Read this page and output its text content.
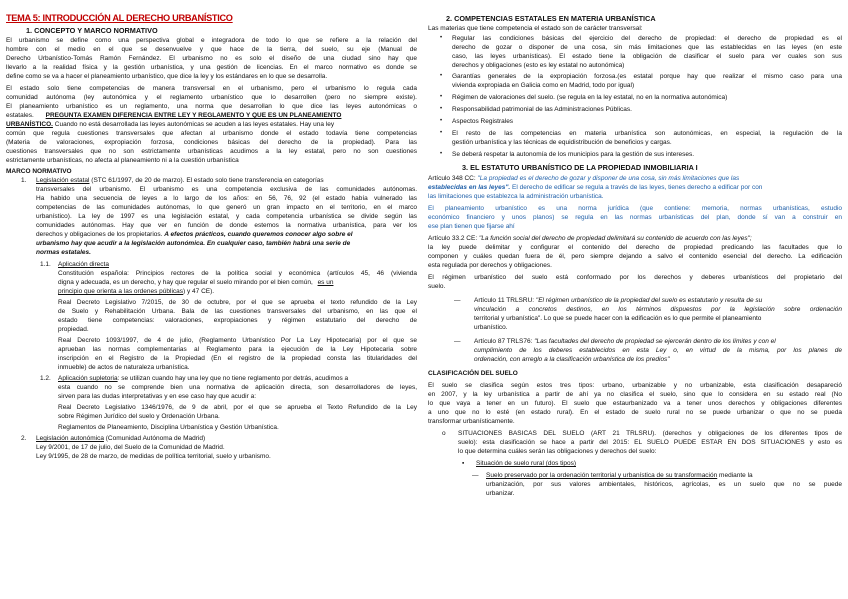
TEMA 5: INTRODUCCIÓN AL DERECHO URBANÍSTICO
1. CONCEPTO Y MARCO NORMATIVO
El urbanismo se define como una perspectiva global e integradora de todo lo que se refiere a la relación del
hombre con el medio en el que se desenvuelve y que hace de la tierra, del suelo, su eje (Manual de
Derecho Urbanístico-Tomás Ramón Fernández. El urbanismo no es solo el diseño de una ciudad sino hay que
llevarlo a la realidad física y la gestión urbanística, y una gestión de licencias. En el marco normativo es donde se
define como se va a hacer el planeamiento urbanístico, que dice la ley y los estándares en lo que se desarrolla.
El estado solo tiene competencias de manera transversal en el urbanismo, pero el urbanismo lo regula cada
comunidad autónoma (ley autonómica y el reglamento urbanístico que lo desarrollen (pero no siempre existe).
El planeamiento urbanístico es un reglamento, una norma que desarrollan lo que dice las leyes autonómicas o
estatales. PREGUNTA EXAMEN DIFERENCIA ENTRE LEY Y REGLAMENTO Y QUE ES UN PLANEAMIENTO
URBANÍSTICO. Cuando no está desarrollada las leyes autonómicas se acuden a las leyes estatales. Hay una ley
común que regula cuestiones transversales que afectan al urbanismo donde el estado todavía tiene competencias
(Materia de valoraciones, expropiación forzosa, condiciones básicas del derecho de la propiedad). Para las
cuestiones transversales que no son estrictamente urbanísticas acudimos a la ley estatal, pero no son cuestiones
estrictamente urbanísticas, no afecta al planeamiento ni a la cuestión urbanística
MARCO NORMATIVO
1. Legislación estatal (STC 61/1997, de 20 de marzo). El estado solo tiene transferencia en categorías
transversales del urbanismo. El urbanismo es una competencia exclusiva de las comunidades autónomas.
Ha habido una secuencia de leyes a lo largo de los años: en 56, 76, 92 (el estado había vulnerado las
competencias de las comunidades autónomas, lo que generó un gran impacto en el territorio, en el marco
urbanístico). La ley de 1997 es una legislación estatal, y cada competencia urbanística se divide según las
comunidades autónomas. Hay que ver en función de donde estemos la normativa urbanística, para ver los
derechos y obligaciones de los propietarios. A efectos prácticos, cuando queremos conocer algo sobre el
urbanismo hay que acudir a la legislación autonómica. En cualquier caso, también habrá una serie de
normas estatales.
1.1. Aplicación directa
Constitución española: Principios rectores de la política social y económica (artículos 45, 46 (vivienda
digna y adecuada, es un derecho, y hay que regular el suelo mirando por el bien común, es un
principio que orienta a las ordenes públicas) y 47 CE).
Real Decreto Legislativo 7/2015, de 30 de octubre, por el que se aprueba el texto refundido de la Ley
de Suelo y Rehabilitación Urbana. Bala de las cuestiones transversales del urbanismo, en las que el
estado tiene competencias: valoraciones, expropiaciones y régimen estatutario del derecho de
propiedad.
Real Decreto 1093/1997, de 4 de julio, (Reglamento Urbanístico Por La Ley Hipotecaria) por el que se
aprueban las normas complementarias al Reglamento para la ejecución de la Ley Hipotecaria sobre
inscripción en el Registro de la Propiedad (En el registro de la propiedad consta las titularidades del
inmueble) de actos de naturaleza urbanística.
1.2. Aplicación supletoria: se utilizan cuando hay una ley que no tiene reglamento por detrás, acudimos a
esta cuando no se comprende bien una normativa de aplicación directa, son desarrolladores de leyes,
sirven para las dudas interpretativas y en ese caso hay que acudir a:
Real Decreto Legislativo 1346/1976, de 9 de abril, por el que se aprueba el Texto Refundido de la Ley
sobre Régimen Jurídico del suelo y Ordenación Urbana.
Reglamentos de Planeamiento, Disciplina Urbanística y Gestión Urbanística.
2. Legislación autonómica (Comunidad Autónoma de Madrid)
Ley 9/2001, de 17 de julio, del Suelo de la Comunidad de Madrid.
Ley 9/1995, de 28 de marzo, de medidas de política territorial, suelo y urbanismo.
2. COMPETENCIAS ESTATALES EN MATERIA URBANÍSTICA
Las materias que tiene competencia el estado son de carácter transversal:
• Regular las condiciones básicas del ejercicio del derecho de propiedad: el derecho de propiedad es el
derecho de gozar o disponer de una cosa, sin más limitaciones que las establecidas en las leyes (en este
caso, las leyes urbanísticas). El estado tiene la obligación de clasificar el suelo para ver cuales son sus
derechos y obligaciones (esto es ley estatal no autonómica)
• Garantías generales de la expropiación forzosa.(es estatal porque hay que realizar el mismo caso para una
vivienda expropiada en Galicia como en Madrid, todo por igual)
• Régimen de valoraciones del suelo. (se regula en la ley estatal, no en la normativa autonómica)
• Responsabilidad patrimonial de las Administraciones Públicas.
• Aspectos Registrales
• El resto de las competencias en materia urbanística son autonómicas, en especial, la regulación de la
gestión urbanística y las técnicas de equidistribución de beneficios y cargas.
• Se deberá respetar la autonomía de los municipios para la gestión de sus intereses.
3. EL ESTATUTO URBANÍSTICO DE LA PROPIEDAD INMOBILIARIA I
Artículo 348 CC: "La propiedad es el derecho de gozar y disponer de una cosa, sin más limitaciones que las
establecidas en las leyes". El derecho de edificar se regula a través de las leyes, tienes derecho a edificar por con
las limitaciones que establezca la administración urbanística.
El planeamiento urbanístico es una norma jurídica (que contiene: memoria, normas urbanísticas, estudio
económico financiero y unos planos) se regula en las normas urbanísticas del plan, donde sí van a construir en
ese plan tienen que fijarse ahí
Artículo 33.2 CE: "La función social del derecho de propiedad delimitará su contenido de acuerdo con las leyes";
la ley puede delimitar y configurar el contenido del derecho de propiedad predicando las facultades que lo
componen y cuáles quedan fuera de él, pero siempre dejando a salvo el contenido esencial del derecho. La edificación
esta regulada por derechos y obligaciones.
El régimen urbanístico del suelo está conformado por los derechos y deberes urbanísticos del propietario del
suelo.
— Artículo 11 TRLSRU: "El régimen urbanístico de la propiedad del suelo es estatutario y resulta de su
vinculación a concretos destinos, en los términos dispuestos por la legislación sobre ordenación
territorial y urbanística". Lo que se puede hacer con la edificación es lo que permite el planeamiento
urbanístico.
— Artículo 87 TRLS76: "Las facultades del derecho de propiedad se ejercerán dentro de los límites y con el
cumplimiento de los deberes establecidos en esta Ley o, en virtud de la misma, por los planes de
ordenación, con arreglo a la clasificación urbanística de los predios"
CLASIFICACIÓN DEL SUELO
El suelo se clasifica según estos tres tipos: urbano, urbanizable y no urbanizable, esta clasificación desapareció
en 2007, y la ley urbanística a partir de ahí ya no clasifica el suelo, sino que lo considera en su estado real (No
lo que vaya a tener en un futuro). El suelo que estaurbanizado va a tener unos derechos y obligaciones diferentes
a uno que no lo esté (en estado rural). En el estado de suelo rural no se puede urbanizar o que no se pueda
transformar urbanísticamente.
o SITUACIONES BASICAS DEL SUELO (ART 21 TRLSRU). (derechos y obligaciones de los diferentes tipos de
suelo): esta clasificación se hace a partir del 2015: EL SUELO PUEDE ESTAR EN DOS SITUACIONES y esto es
lo que determina cuáles serán las obligaciones y derechos del suelo:
▪ Situación de suelo rural (dos tipos)
— Suelo preservado por la ordenación territorial y urbanística de su transformación mediante la
urbanización, por sus valores ambientales, históricos, agrícolas, es un suelo que no se puede
urbanizar.
